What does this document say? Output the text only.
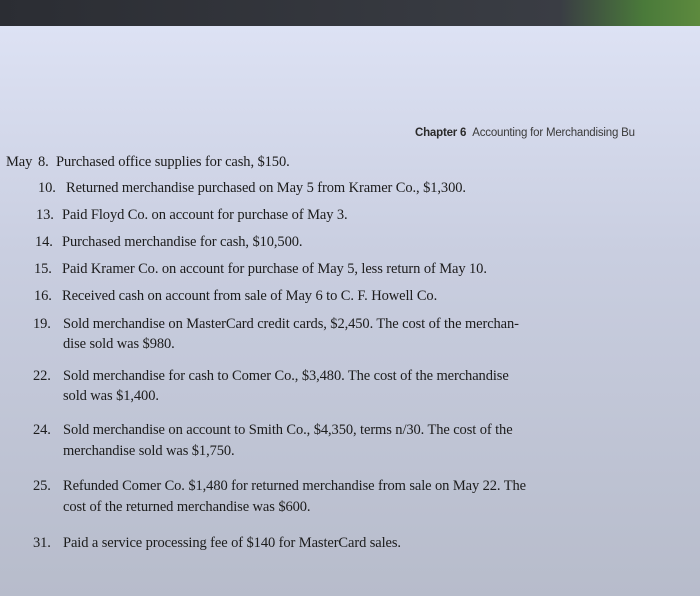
Chapter 6 Accounting for Merchandising Bu
May 8. Purchased office supplies for cash, $150.
10. Returned merchandise purchased on May 5 from Kramer Co., $1,300.
13. Paid Floyd Co. on account for purchase of May 3.
14. Purchased merchandise for cash, $10,500.
15. Paid Kramer Co. on account for purchase of May 5, less return of May 10.
16. Received cash on account from sale of May 6 to C. F. Howell Co.
19. Sold merchandise on MasterCard credit cards, $2,450. The cost of the merchan-
dise sold was $980.
22. Sold merchandise for cash to Comer Co., $3,480. The cost of the merchandise
sold was $1,400.
24. Sold merchandise on account to Smith Co., $4,350, terms n/30. The cost of the
merchandise sold was $1,750.
25. Refunded Comer Co. $1,480 for returned merchandise from sale on May 22. The
cost of the returned merchandise was $600.
31. Paid a service processing fee of $140 for MasterCard sales.
